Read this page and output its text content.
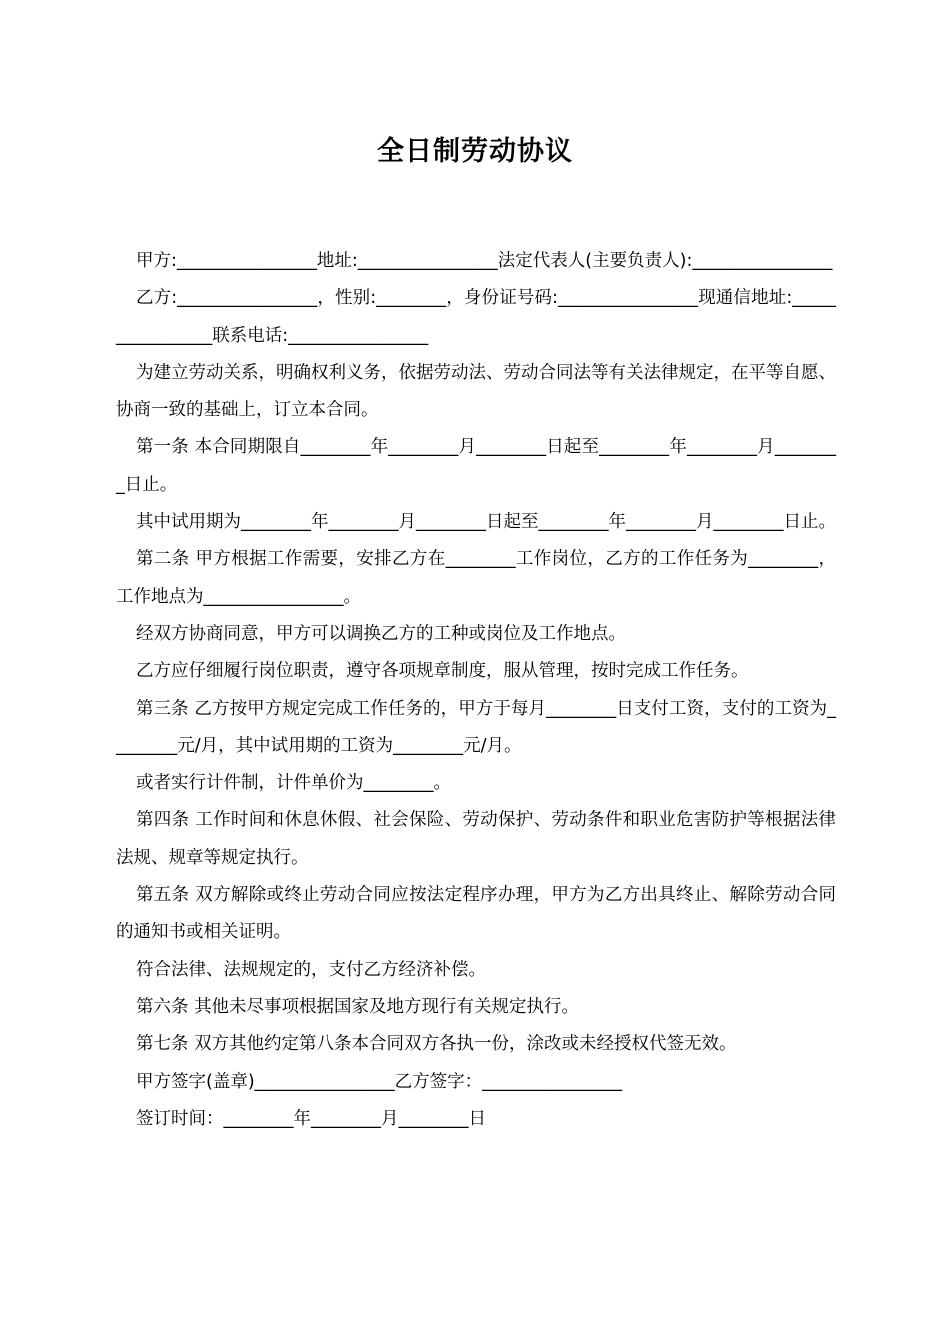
全日制劳动协议

甲方:________________地址:________________法定代表人(主要负责人):________________

乙方:________________，性别:________，身份证号码:________________现通信地址:________________联系电话:________________

为建立劳动关系，明确权利义务，依据劳动法、劳动合同法等有关法律规定，在平等自愿、协商一致的基础上，订立本合同。

第一条 本合同期限自________年________月________日起至________年________月________日止。

其中试用期为________年________月________日起至________年________月________日止。

第二条 甲方根据工作需要，安排乙方在________工作岗位，乙方的工作任务为________，工作地点为________________。

经双方协商同意，甲方可以调换乙方的工种或岗位及工作地点。

乙方应仔细履行岗位职责，遵守各项规章制度，服从管理，按时完成工作任务。

第三条 乙方按甲方规定完成工作任务的，甲方于每月________日支付工资，支付的工资为________元/月，其中试用期的工资为________元/月。

或者实行计件制，计件单价为________。

第四条 工作时间和休息休假、社会保险、劳动保护、劳动条件和职业危害防护等根据法律法规、规章等规定执行。

第五条 双方解除或终止劳动合同应按法定程序办理，甲方为乙方出具终止、解除劳动合同的通知书或相关证明。

符合法律、法规规定的，支付乙方经济补偿。

第六条 其他未尽事项根据国家及地方现行有关规定执行。

第七条 双方其他约定第八条本合同双方各执一份，涂改或未经授权代签无效。

甲方签字(盖章)________________乙方签字：________________

签订时间：________年________月________日
